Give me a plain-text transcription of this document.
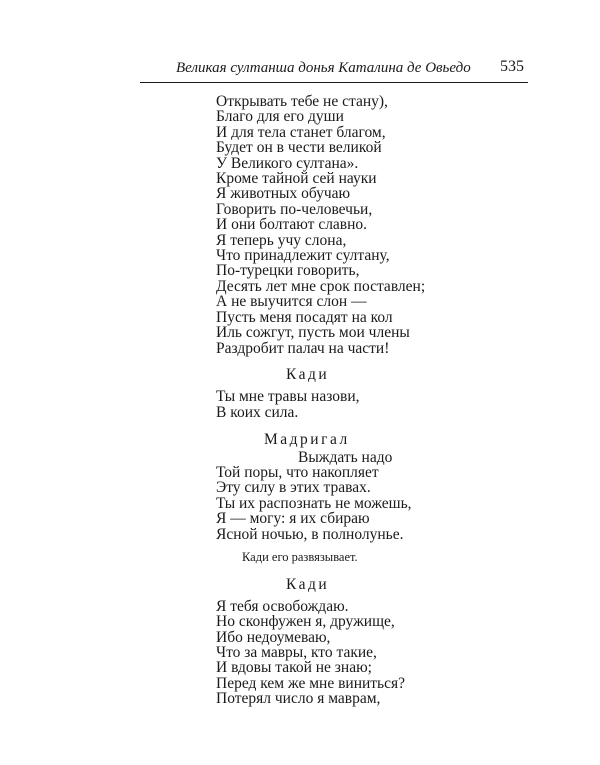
Великая султанша донья Каталина де Овьедо 535
Открывать тебе не стану),
Благо для его души
И для тела станет благом,
Будет он в чести великой
У Великого султана».
Кроме тайной сей науки
Я животных обучаю
Говорить по-человечьи,
И они болтают славно.
Я теперь учу слона,
Что принадлежит султану,
По-турецки говорить,
Десять лет мне срок поставлен;
А не выучится слон —
Пусть меня посадят на кол
Иль сожгут, пусть мои члены
Раздробит палач на части!
Кади
Ты мне травы назови,
В коих сила.
Мадригал
Выждать надо
Той поры, что накопляет
Эту силу в этих травах.
Ты их распознать не можешь,
Я — могу: я их сбираю
Ясной ночью, в полнолунье.
Кади его развязывает.
Кади
Я тебя освобождаю.
Но сконфужен я, дружище,
Ибо недоумеваю,
Что за мавры, кто такие,
И вдовы такой не знаю;
Перед кем же мне виниться?
Потерял число я маврам,
